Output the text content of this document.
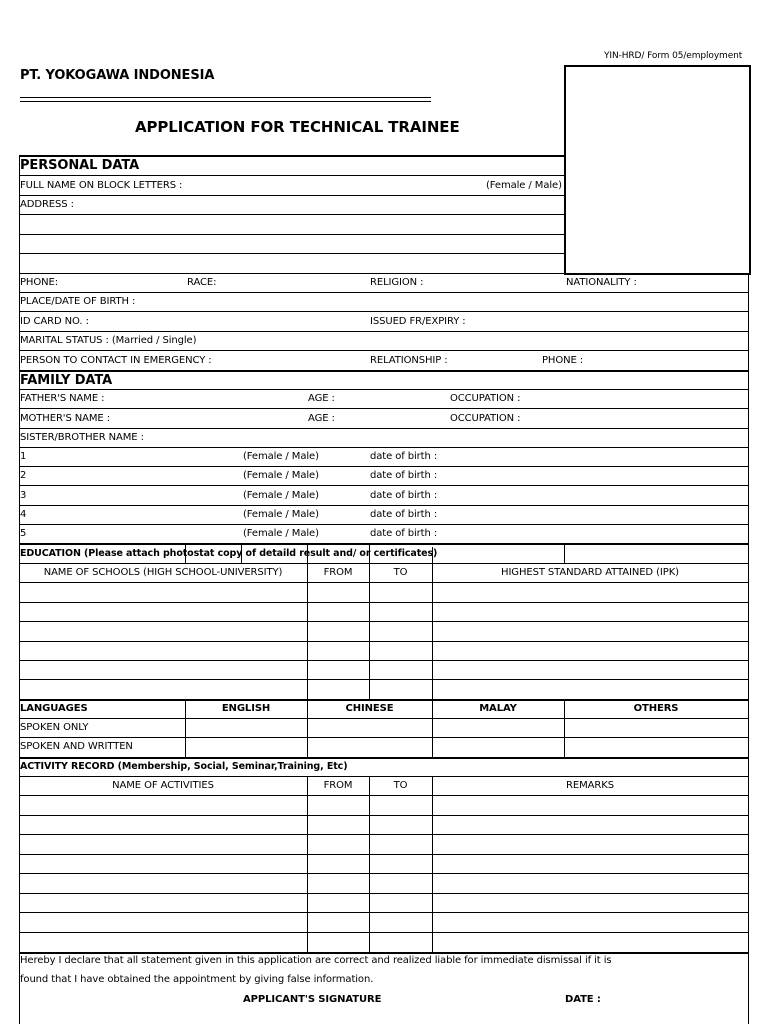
YIN-HRD/ Form 05/employment
PT. YOKOGAWA INDONESIA
APPLICATION FOR TECHNICAL TRAINEE
PERSONAL DATA
FULL NAME ON BLOCK LETTERS :	(Female / Male)
ADDRESS :
PHONE:	RACE:	RELIGION :	NATIONALITY :
PLACE/DATE OF BIRTH :
ID CARD NO. :	ISSUED FR/EXPIRY :
MARITAL STATUS : (Married / Single)
PERSON TO CONTACT IN EMERGENCY :	RELATIONSHIP :	PHONE :
FAMILY DATA
FATHER'S NAME :	AGE :	OCCUPATION :
MOTHER'S NAME :	AGE :	OCCUPATION :
SISTER/BROTHER NAME :
1	(Female / Male)	date of birth :
2	(Female / Male)	date of birth :
3	(Female / Male)	date of birth :
4	(Female / Male)	date of birth :
5	(Female / Male)	date of birth :
EDUCATION (Please attach photostat copy of detaild result and/ or certificates)
NAME OF SCHOOLS (HIGH SCHOOL-UNIVERSITY)	FROM	TO	HIGHEST STANDARD ATTAINED (IPK)
LANGUAGES	ENGLISH	CHINESE	MALAY	OTHERS
SPOKEN ONLY
SPOKEN AND WRITTEN
ACTIVITY RECORD (Membership, Social, Seminar,Training, Etc)
NAME OF ACTIVITIES	FROM	TO	REMARKS
Hereby I declare that all statement given in this application are correct and realized liable for immediate dismissal if it is
found that I have obtained the appointment by giving false information.
APPLICANT'S SIGNATURE	DATE :
